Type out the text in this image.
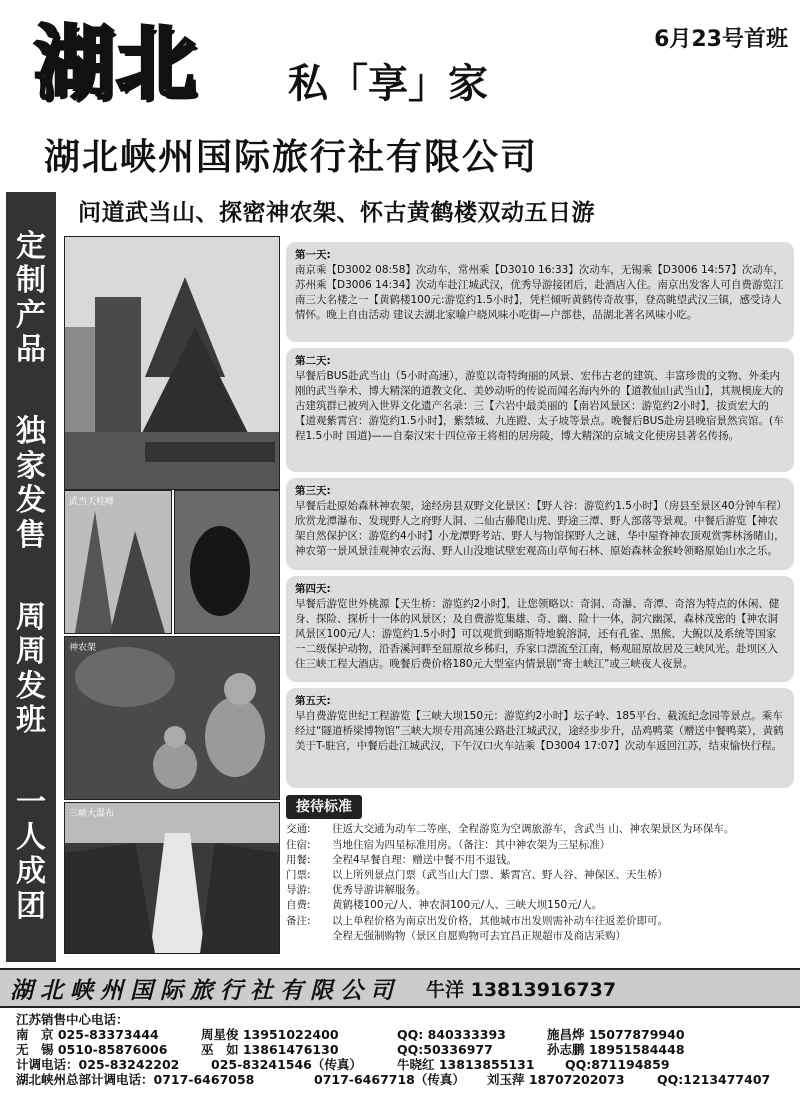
湖北 私「享」家
6月23号首班
湖北峡州国际旅行社有限公司
问道武当山、探密神农架、怀古黄鹤楼双动五日游
定
制
产
品
独
家
发
售
周
周
发
班
一
人
成
团
武当天柱峰
神农架
三峡大瀑布
第一天:
南京乘【D3002 08:58】次动车，常州乘【D3010 16:33】次动车，无锡乘【D3006 14:57】次动车，苏州乘【D3006 14:34】次动车赴江城武汉，优秀导游接团后，赴酒店入住。南京出发客人可自费游览江南三大名楼之一【黄鹤楼100元:游览约1.5小时】，凭栏倾听黄鹤传奇故事，登高眺望武汉三镇，感受诗人情怀。晚上自由活动 建议去湖北家喻户晓风味小吃街—户部巷，品湖北著名风味小吃。
第二天:
早餐后BUS赴武当山（5小时高速），游览以奇特绚丽的风景、宏伟古老的建筑、丰富珍贵的文物、外柔内刚的武当拳术、博大精深的道教文化、美妙动听的传说而闻名海内外的【道教仙山武当山】，其规模庞大的古建筑群已被列入世界文化遗产名录：三【六岩中最美丽的【南岩风景区：游览约2小时】，拔贡宏大的【道观紫霄宫：游览约1.5小时】，紫禁城、九连蹬、太子坡等景点。晚餐后BUS赴房县晚宿景然宾馆。(车程1.5小时 国道)——自秦汉宋十四位帝王将相的居房陵，博大精深的京城文化使房县著名传扬。
第三天:
早餐后赴原始森林神农架，途经房县双野文化景区：【野人谷：游览约1.5小时】（房县至景区40分钟车程）欣赏龙潭瀑布、发现野人之府野人洞、二仙古藤爬山虎、野途三潭、野人部落等景观。中餐后游览【神农架自然保护区：游览约4小时】小龙潭野考站、野人与物馆探野人之谜，华中屋脊神农顶观赏霁林汤睹山，神农第一景风景洼观神农云海、野人山没地试壁宏观高山草甸石林、原始森林金猴岭领略原始山水之乐。
第四天:
早餐后游览世外桃源【天生桥：游览约2小时】，让您领略以：奇洞、奇瀑、奇潭、奇溶为特点的休闲、健身、探险、探析十一体的风景区；及自费游览集雄、奇、幽、险十一体，洞穴幽深，森林茂密的【神农洞风景区100元/人：游览约1.5小时】可以观赏到略斯特地貌溶洞，还有孔雀、黑熊、大鲵以及系统等国家一二级保护动物，沿香溪河畔至屈原故乡秭归，乔家口漂流至江南，畅观屈原故居及三峡风光。赴坝区入住三峡工程大酒店。晚餐后费价格180元大型室内情景剧“寄士峡江”或三峡夜人夜景。
第五天:
早自费游览世纪工程游览【三峡大坝150元：游览约2小时】坛子岭、185平台、截流纪念园等景点。乘车经过“隧道桥梁博物馆”三峡大坝专用高速公路赴江城武汉，途经步步升，品鸡鸭菜（赠送中餐鸭菜），黄鹤美于T-駐宫，中餐后赴江城武汉，下午汉口火车站乘【D3004 17:07】次动车返回江苏，结束愉快行程。
接待标准
交通:	往返大交通为动车二等座，全程游览为空调旅游车，含武当 山、神农架景区为环保车。
住宿:	当地住宿为四星标准用房。（备注：其中神农架为三星标准）
用餐:	全程4早餐自理：赠送中餐不用不退钱。
门票:	以上所列景点门票（武当山大门票、紫霄宫、野人谷、神保区、天生桥）
导游:	优秀导游讲解服务。
自费:	黄鹤楼100元/人、神农洞100元/人、三峡大坝150元/人。
备注:	以上单程价格为南京出发价格，其他城市出发则需补动车往返差价即可。
全程无强制购物（景区自愿购物可去宜昌正规超市及商店采购）
湖北峡州国际旅行社有限公司 牛洋 13813916737
江苏销售中心电话：
南　京 025-83373444	周星俊 13951022400	QQ: 840333393	施昌烨 15077879940
无　锡 0510-85876006	巫　如 13861476130	QQ:50336977	孙志鹏 18951584448
计调电话：025-83242202	025-83241546（传真）	牛晓红 13813855131	QQ:871194859
湖北峡州总部计调电话：0717-6467058	0717-6467718（传真）	刘玉萍 18707202073	QQ:1213477407
